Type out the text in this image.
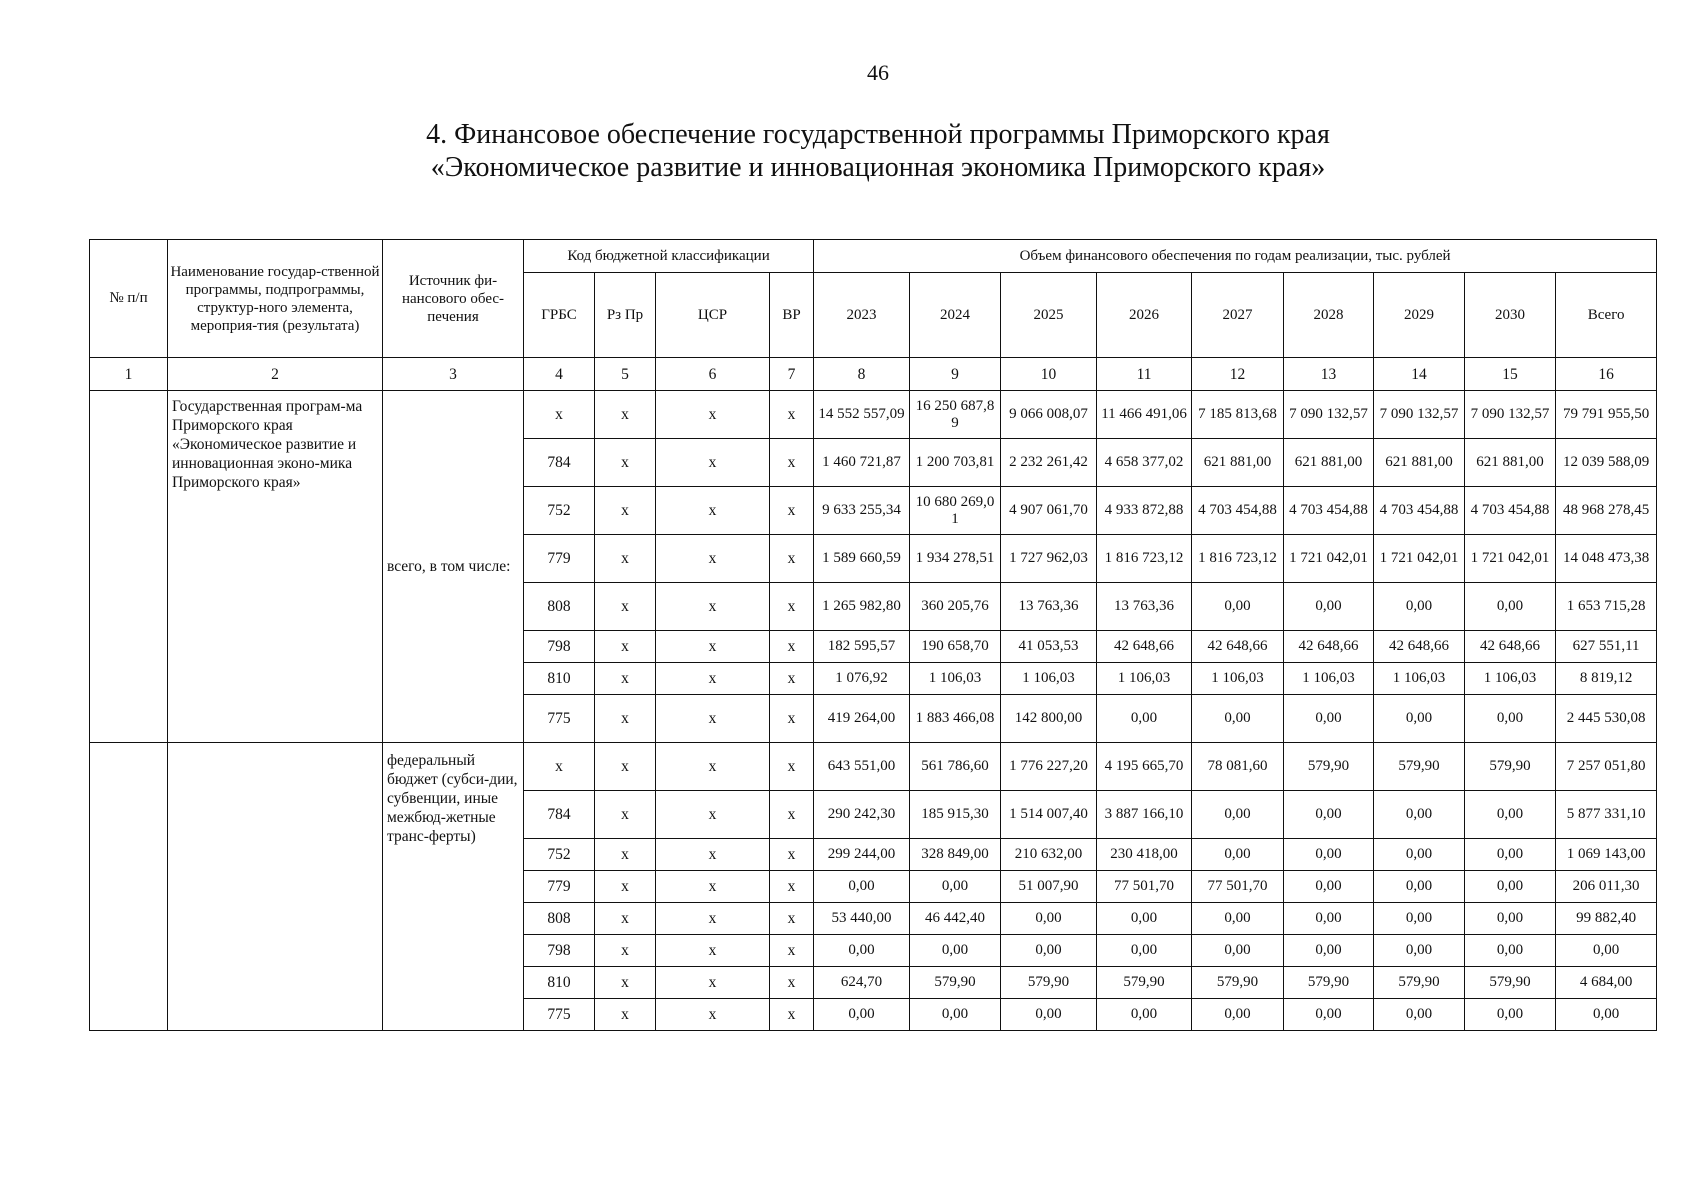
46
4. Финансовое обеспечение государственной программы Приморского края
«Экономическое развитие и инновационная экономика Приморского края»
№ п/п	Наименование государ-ственной программы, подпрограммы, структур-ного элемента, мероприя-тия (результата)	Источник фи-нансового обес-печения	Код бюджетной классификации				Объем финансового обеспечения по годам реализации, тыс. рублей								
			ГРБС	Рз Пр	ЦСР	ВР	2023	2024	2025	2026	2027	2028	2029	2030	Всего
1	2	3	4	5	6	7	8	9	10	11	12	13	14	15	16
	Государственная програм-ма Приморского края «Экономическое развитие и инновационная эконо-мика Приморского края»	всего, в том числе:	x	x	x	x	14 552 557,09	16 250 687,89	9 066 008,07	11 466 491,06	7 185 813,68	7 090 132,57	7 090 132,57	7 090 132,57	79 791 955,50
			784	x	x	x	1 460 721,87	1 200 703,81	2 232 261,42	4 658 377,02	621 881,00	621 881,00	621 881,00	621 881,00	12 039 588,09
			752	x	x	x	9 633 255,34	10 680 269,01	4 907 061,70	4 933 872,88	4 703 454,88	4 703 454,88	4 703 454,88	4 703 454,88	48 968 278,45
			779	x	x	x	1 589 660,59	1 934 278,51	1 727 962,03	1 816 723,12	1 816 723,12	1 721 042,01	1 721 042,01	1 721 042,01	14 048 473,38
			808	x	x	x	1 265 982,80	360 205,76	13 763,36	13 763,36	0,00	0,00	0,00	0,00	1 653 715,28
			798	x	x	x	182 595,57	190 658,70	41 053,53	42 648,66	42 648,66	42 648,66	42 648,66	42 648,66	627 551,11
			810	x	x	x	1 076,92	1 106,03	1 106,03	1 106,03	1 106,03	1 106,03	1 106,03	1 106,03	8 819,12
			775	x	x	x	419 264,00	1 883 466,08	142 800,00	0,00	0,00	0,00	0,00	0,00	2 445 530,08
		федеральный бюджет (субси-дии, субвенции, иные межбюд-жетные транс-ферты)	x	x	x	x	643 551,00	561 786,60	1 776 227,20	4 195 665,70	78 081,60	579,90	579,90	579,90	7 257 051,80
			784	x	x	x	290 242,30	185 915,30	1 514 007,40	3 887 166,10	0,00	0,00	0,00	0,00	5 877 331,10
			752	x	x	x	299 244,00	328 849,00	210 632,00	230 418,00	0,00	0,00	0,00	0,00	1 069 143,00
			779	x	x	x	0,00	0,00	51 007,90	77 501,70	77 501,70	0,00	0,00	0,00	206 011,30
			808	x	x	x	53 440,00	46 442,40	0,00	0,00	0,00	0,00	0,00	0,00	99 882,40
			798	x	x	x	0,00	0,00	0,00	0,00	0,00	0,00	0,00	0,00	0,00
			810	x	x	x	624,70	579,90	579,90	579,90	579,90	579,90	579,90	579,90	4 684,00
			775	x	x	x	0,00	0,00	0,00	0,00	0,00	0,00	0,00	0,00	0,00
